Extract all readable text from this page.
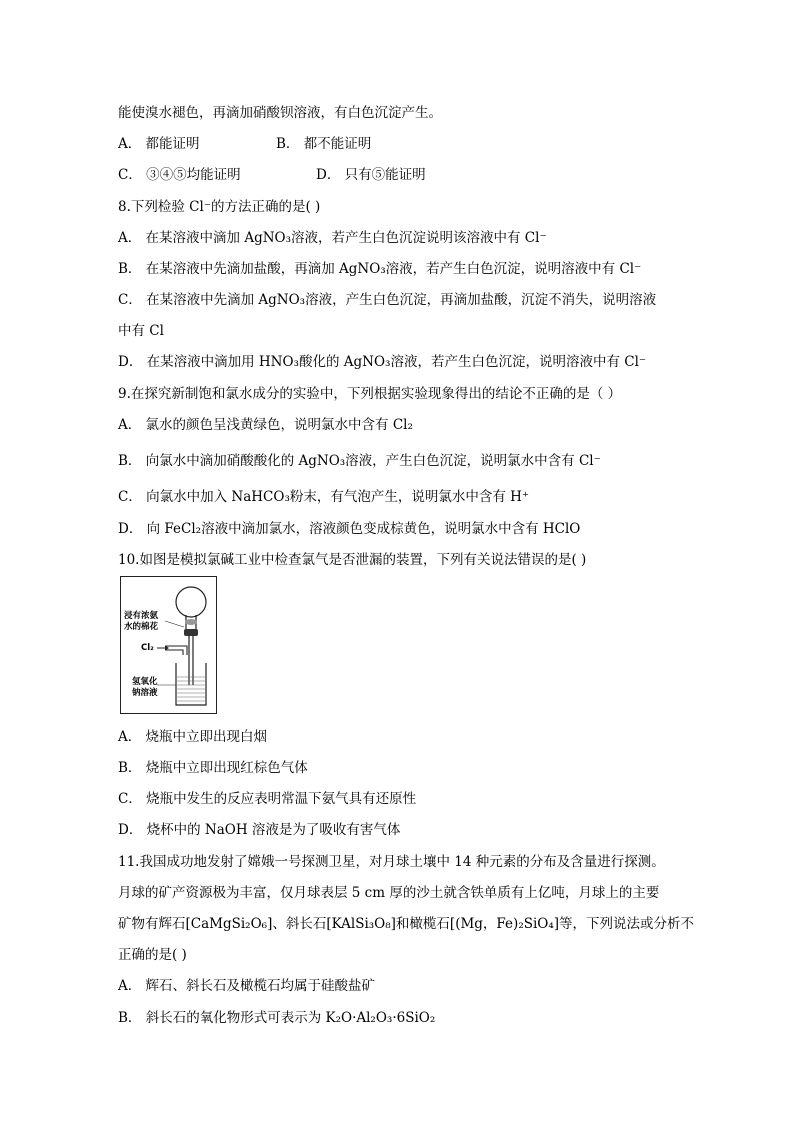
能使溴水褪色，再滴加硝酸钡溶液，有白色沉淀产生。
A． 都能证明	B． 都不能证明
C． ③④⑤均能证明	D． 只有⑤能证明
8.下列检验 Cl⁻的方法正确的是( )
A． 在某溶液中滴加 AgNO₃溶液，若产生白色沉淀说明该溶液中有 Cl⁻
B． 在某溶液中先滴加盐酸，再滴加 AgNO₃溶液，若产生白色沉淀，说明溶液中有 Cl⁻
C． 在某溶液中先滴加 AgNO₃溶液，产生白色沉淀，再滴加盐酸，沉淀不消失，说明溶液
中有 Cl
D． 在某溶液中滴加用 HNO₃酸化的 AgNO₃溶液，若产生白色沉淀，说明溶液中有 Cl⁻
9.在探究新制饱和氯水成分的实验中，下列根据实验现象得出的结论不正确的是（ ）
A． 氯水的颜色呈浅黄绿色，说明氯水中含有 Cl₂
B． 向氯水中滴加硝酸酸化的 AgNO₃溶液，产生白色沉淀，说明氯水中含有 Cl⁻
C． 向氯水中加入 NaHCO₃粉末，有气泡产生，说明氯水中含有 H⁺
D． 向 FeCl₂溶液中滴加氯水，溶液颜色变成棕黄色，说明氯水中含有 HClO
10.如图是模拟氯碱工业中检查氯气是否泄漏的装置，下列有关说法错误的是( )
浸有浓氨
水的棉花
Cl₂
氢氧化
钠溶液
A． 烧瓶中立即出现白烟
B． 烧瓶中立即出现红棕色气体
C． 烧瓶中发生的反应表明常温下氨气具有还原性
D． 烧杯中的 NaOH 溶液是为了吸收有害气体
11.我国成功地发射了嫦娥一号探测卫星，对月球土壤中 14 种元素的分布及含量进行探测。
月球的矿产资源极为丰富，仅月球表层 5 cm 厚的沙土就含铁单质有上亿吨，月球上的主要
矿物有辉石[CaMgSi₂O₆]、斜长石[KAlSi₃O₈]和橄榄石[(Mg，Fe)₂SiO₄]等，下列说法或分析不
正确的是( )
A． 辉石、斜长石及橄榄石均属于硅酸盐矿
B． 斜长石的氧化物形式可表示为 K₂O·Al₂O₃·6SiO₂
